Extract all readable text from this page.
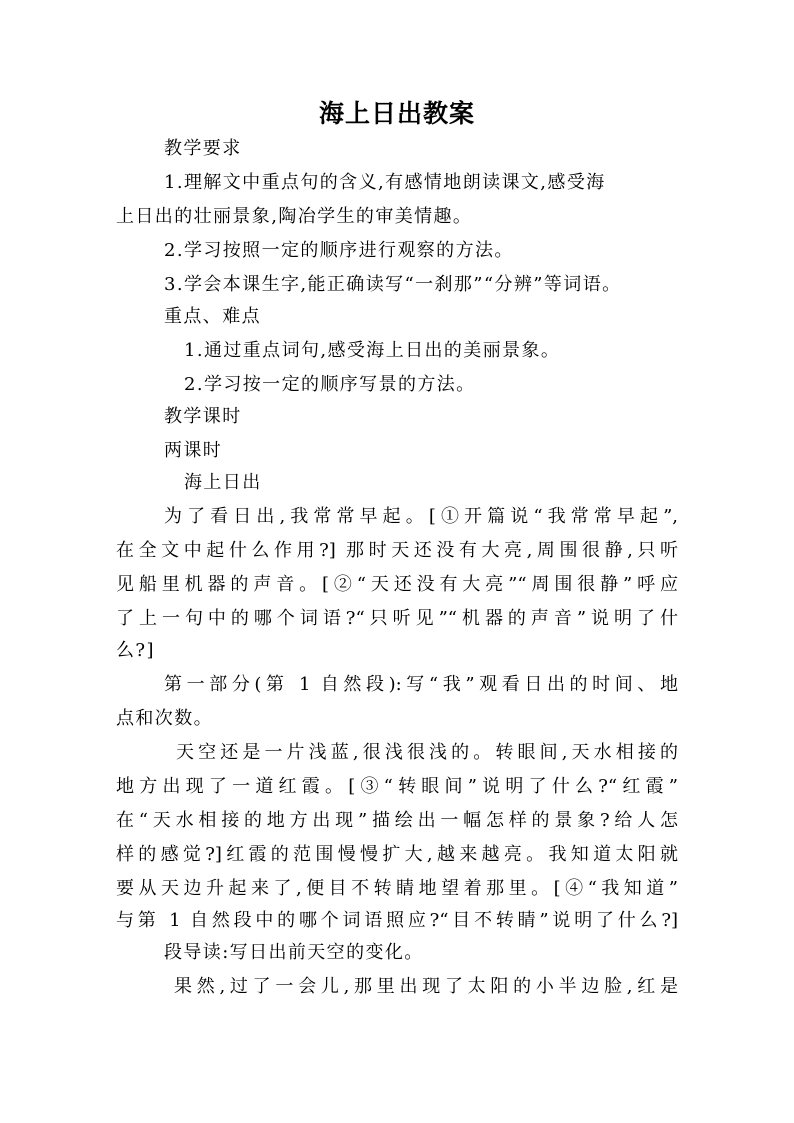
海上日出教案
教学要求
1.理解文中重点句的含义,有感情地朗读课文,感受海
上日出的壮丽景象,陶冶学生的审美情趣。
2.学习按照一定的顺序进行观察的方法。
3.学会本课生字,能正确读写“一刹那”“分辨”等词语。
重点、难点
1.通过重点词句,感受海上日出的美丽景象。
2.学习按一定的顺序写景的方法。
教学课时
两课时
海上日出
为了看日出,我常常早起。[①开篇说“我常常早起”,
在全文中起什么作用?] 那时天还没有大亮,周围很静,只听
见船里机器的声音。[②“天还没有大亮”“周围很静”呼应
了上一句中的哪个词语?“只听见”“机器的声音”说明了什
么?]
第一部分(第 1 自然段):写“我”观看日出的时间、地
点和次数。
天空还是一片浅蓝,很浅很浅的。转眼间,天水相接的
地方出现了一道红霞。[③“转眼间”说明了什么?“红霞”
在“天水相接的地方出现”描绘出一幅怎样的景象?给人怎
样的感觉?]红霞的范围慢慢扩大,越来越亮。我知道太阳就
要从天边升起来了,便目不转睛地望着那里。[④“我知道”
与第 1 自然段中的哪个词语照应?“目不转睛”说明了什么?]
段导读:写日出前天空的变化。
果然,过了一会儿,那里出现了太阳的小半边脸,红是
